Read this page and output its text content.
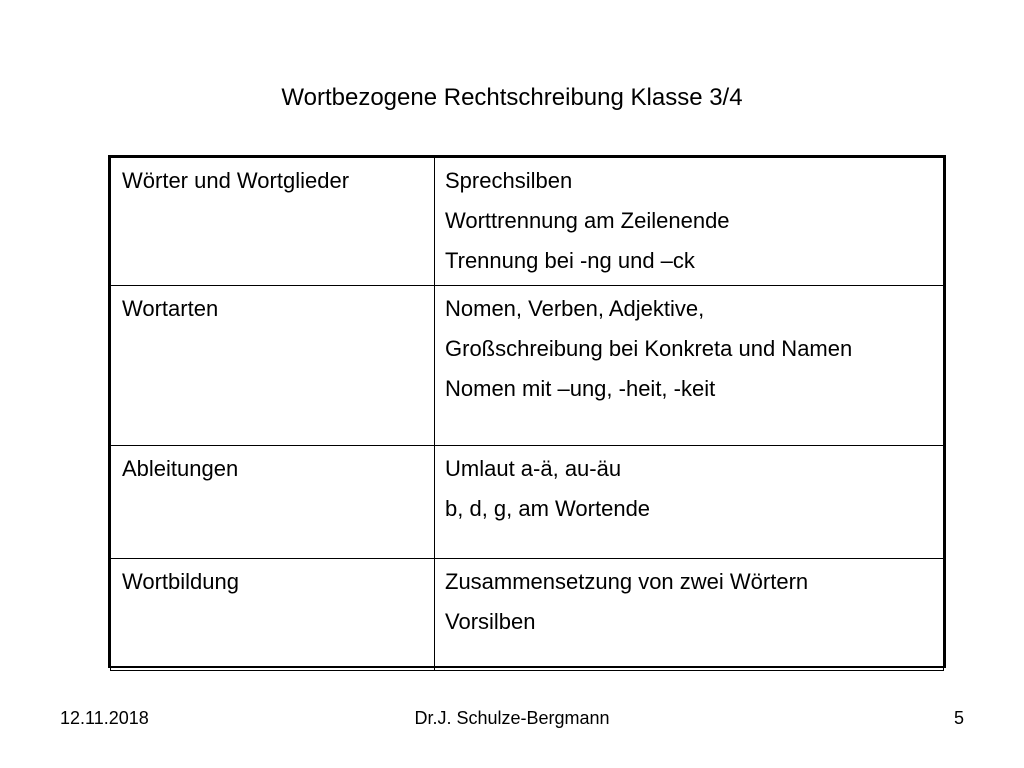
Wortbezogene Rechtschreibung Klasse 3/4
Wörter und Wortglieder	Sprechsilben
Worttrennung am Zeilenende
Trennung bei -ng und –ck

Wortarten	Nomen, Verben, Adjektive,
Großschreibung bei Konkreta und Namen
Nomen mit –ung, -heit, -keit

Ableitungen	Umlaut a-ä, au-äu
b, d, g, am Wortende

Wortbildung	Zusammensetzung von zwei Wörtern
Vorsilben
12.11.2018	Dr.J. Schulze-Bergmann	5
